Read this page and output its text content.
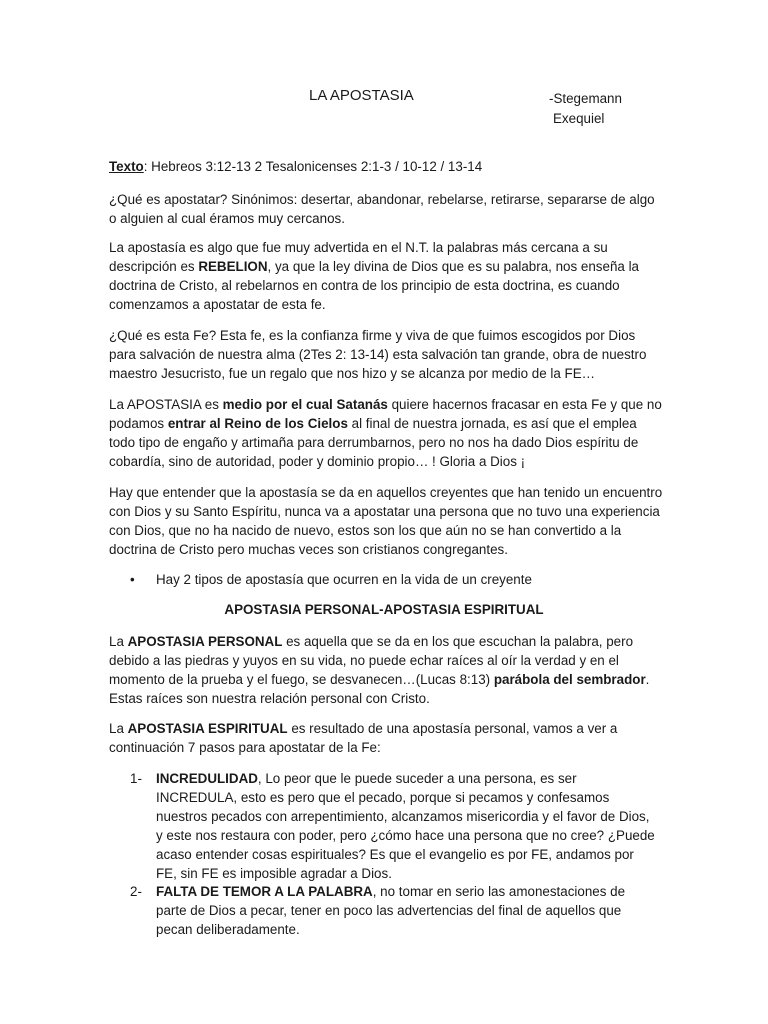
LA APOSTASIA	-Stegemann
Exequiel

Texto: Hebreos 3:12-13 2 Tesalonicenses 2:1-3 / 10-12 / 13-14

¿Qué es apostatar? Sinónimos: desertar, abandonar, rebelarse, retirarse, separarse de algo o alguien al cual éramos muy cercanos.

La apostasía es algo que fue muy advertida en el N.T. la palabras más cercana a su descripción es REBELION, ya que la ley divina de Dios que es su palabra, nos enseña la doctrina de Cristo, al rebelarnos en contra de los principio de esta doctrina, es cuando comenzamos a apostatar de esta fe.

¿Qué es esta Fe? Esta fe, es la confianza firme y viva de que fuimos escogidos por Dios para salvación de nuestra alma (2Tes 2: 13-14) esta salvación tan grande, obra de nuestro maestro Jesucristo, fue un regalo que nos hizo y se alcanza por medio de la FE…

La APOSTASIA es medio por el cual Satanás quiere hacernos fracasar en esta Fe y que no podamos entrar al Reino de los Cielos al final de nuestra jornada, es así que el emplea todo tipo de engaño y artimaña para derrumbarnos, pero no nos ha dado Dios espíritu de cobardía, sino de autoridad, poder y dominio propio… ! Gloria a Dios ¡

Hay que entender que la apostasía se da en aquellos creyentes que han tenido un encuentro con Dios y su Santo Espíritu, nunca va a apostatar una persona que no tuvo una experiencia con Dios, que no ha nacido de nuevo, estos son los que aún no se han convertido a la doctrina de Cristo pero muchas veces son cristianos congregantes.

• Hay 2 tipos de apostasía que ocurren en la vida de un creyente
APOSTASIA PERSONAL-APOSTASIA ESPIRITUAL

La APOSTASIA PERSONAL es aquella que se da en los que escuchan la palabra, pero debido a las piedras y yuyos en su vida, no puede echar raíces al oír la verdad y en el momento de la prueba y el fuego, se desvanecen…(Lucas 8:13) parábola del sembrador. Estas raíces son nuestra relación personal con Cristo.

La APOSTASIA ESPIRITUAL es resultado de una apostasía personal, vamos a ver a continuación 7 pasos para apostatar de la Fe:

1- INCREDULIDAD, Lo peor que le puede suceder a una persona, es ser INCREDULA, esto es pero que el pecado, porque si pecamos y confesamos nuestros pecados con arrepentimiento, alcanzamos misericordia y el favor de Dios, y este nos restaura con poder, pero ¿cómo hace una persona que no cree? ¿Puede acaso entender cosas espirituales? Es que el evangelio es por FE, andamos por FE, sin FE es imposible agradar a Dios.

2- FALTA DE TEMOR A LA PALABRA, no tomar en serio las amonestaciones de parte de Dios a pecar, tener en poco las advertencias del final de aquellos que pecan deliberadamente.
